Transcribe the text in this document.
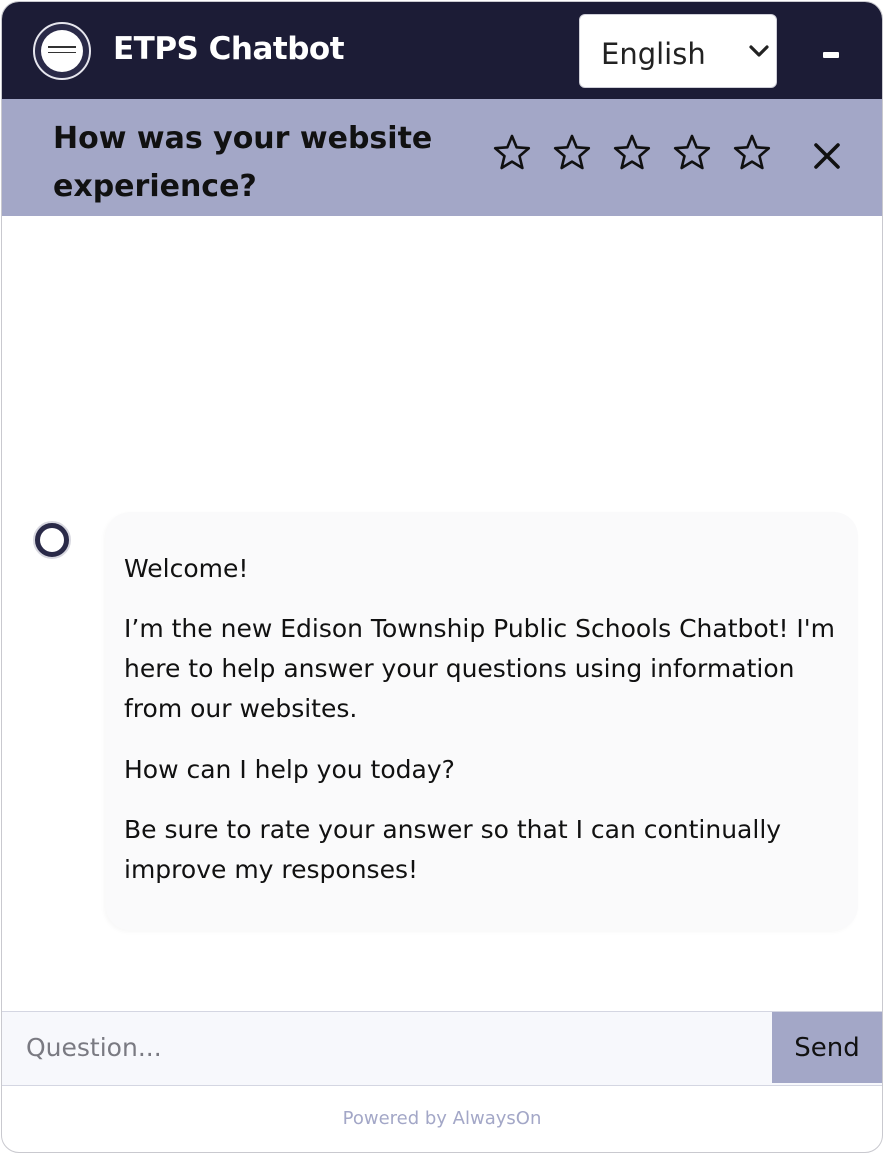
ETPS Chatbot	English
How was your website experience?

Welcome!

I’m the new Edison Township Public Schools Chatbot! I'm here to help answer your questions using information from our websites.

How can I help you today?

Be sure to rate your answer so that I can continually improve my responses!

Question...
Send
Powered by AlwaysOn
